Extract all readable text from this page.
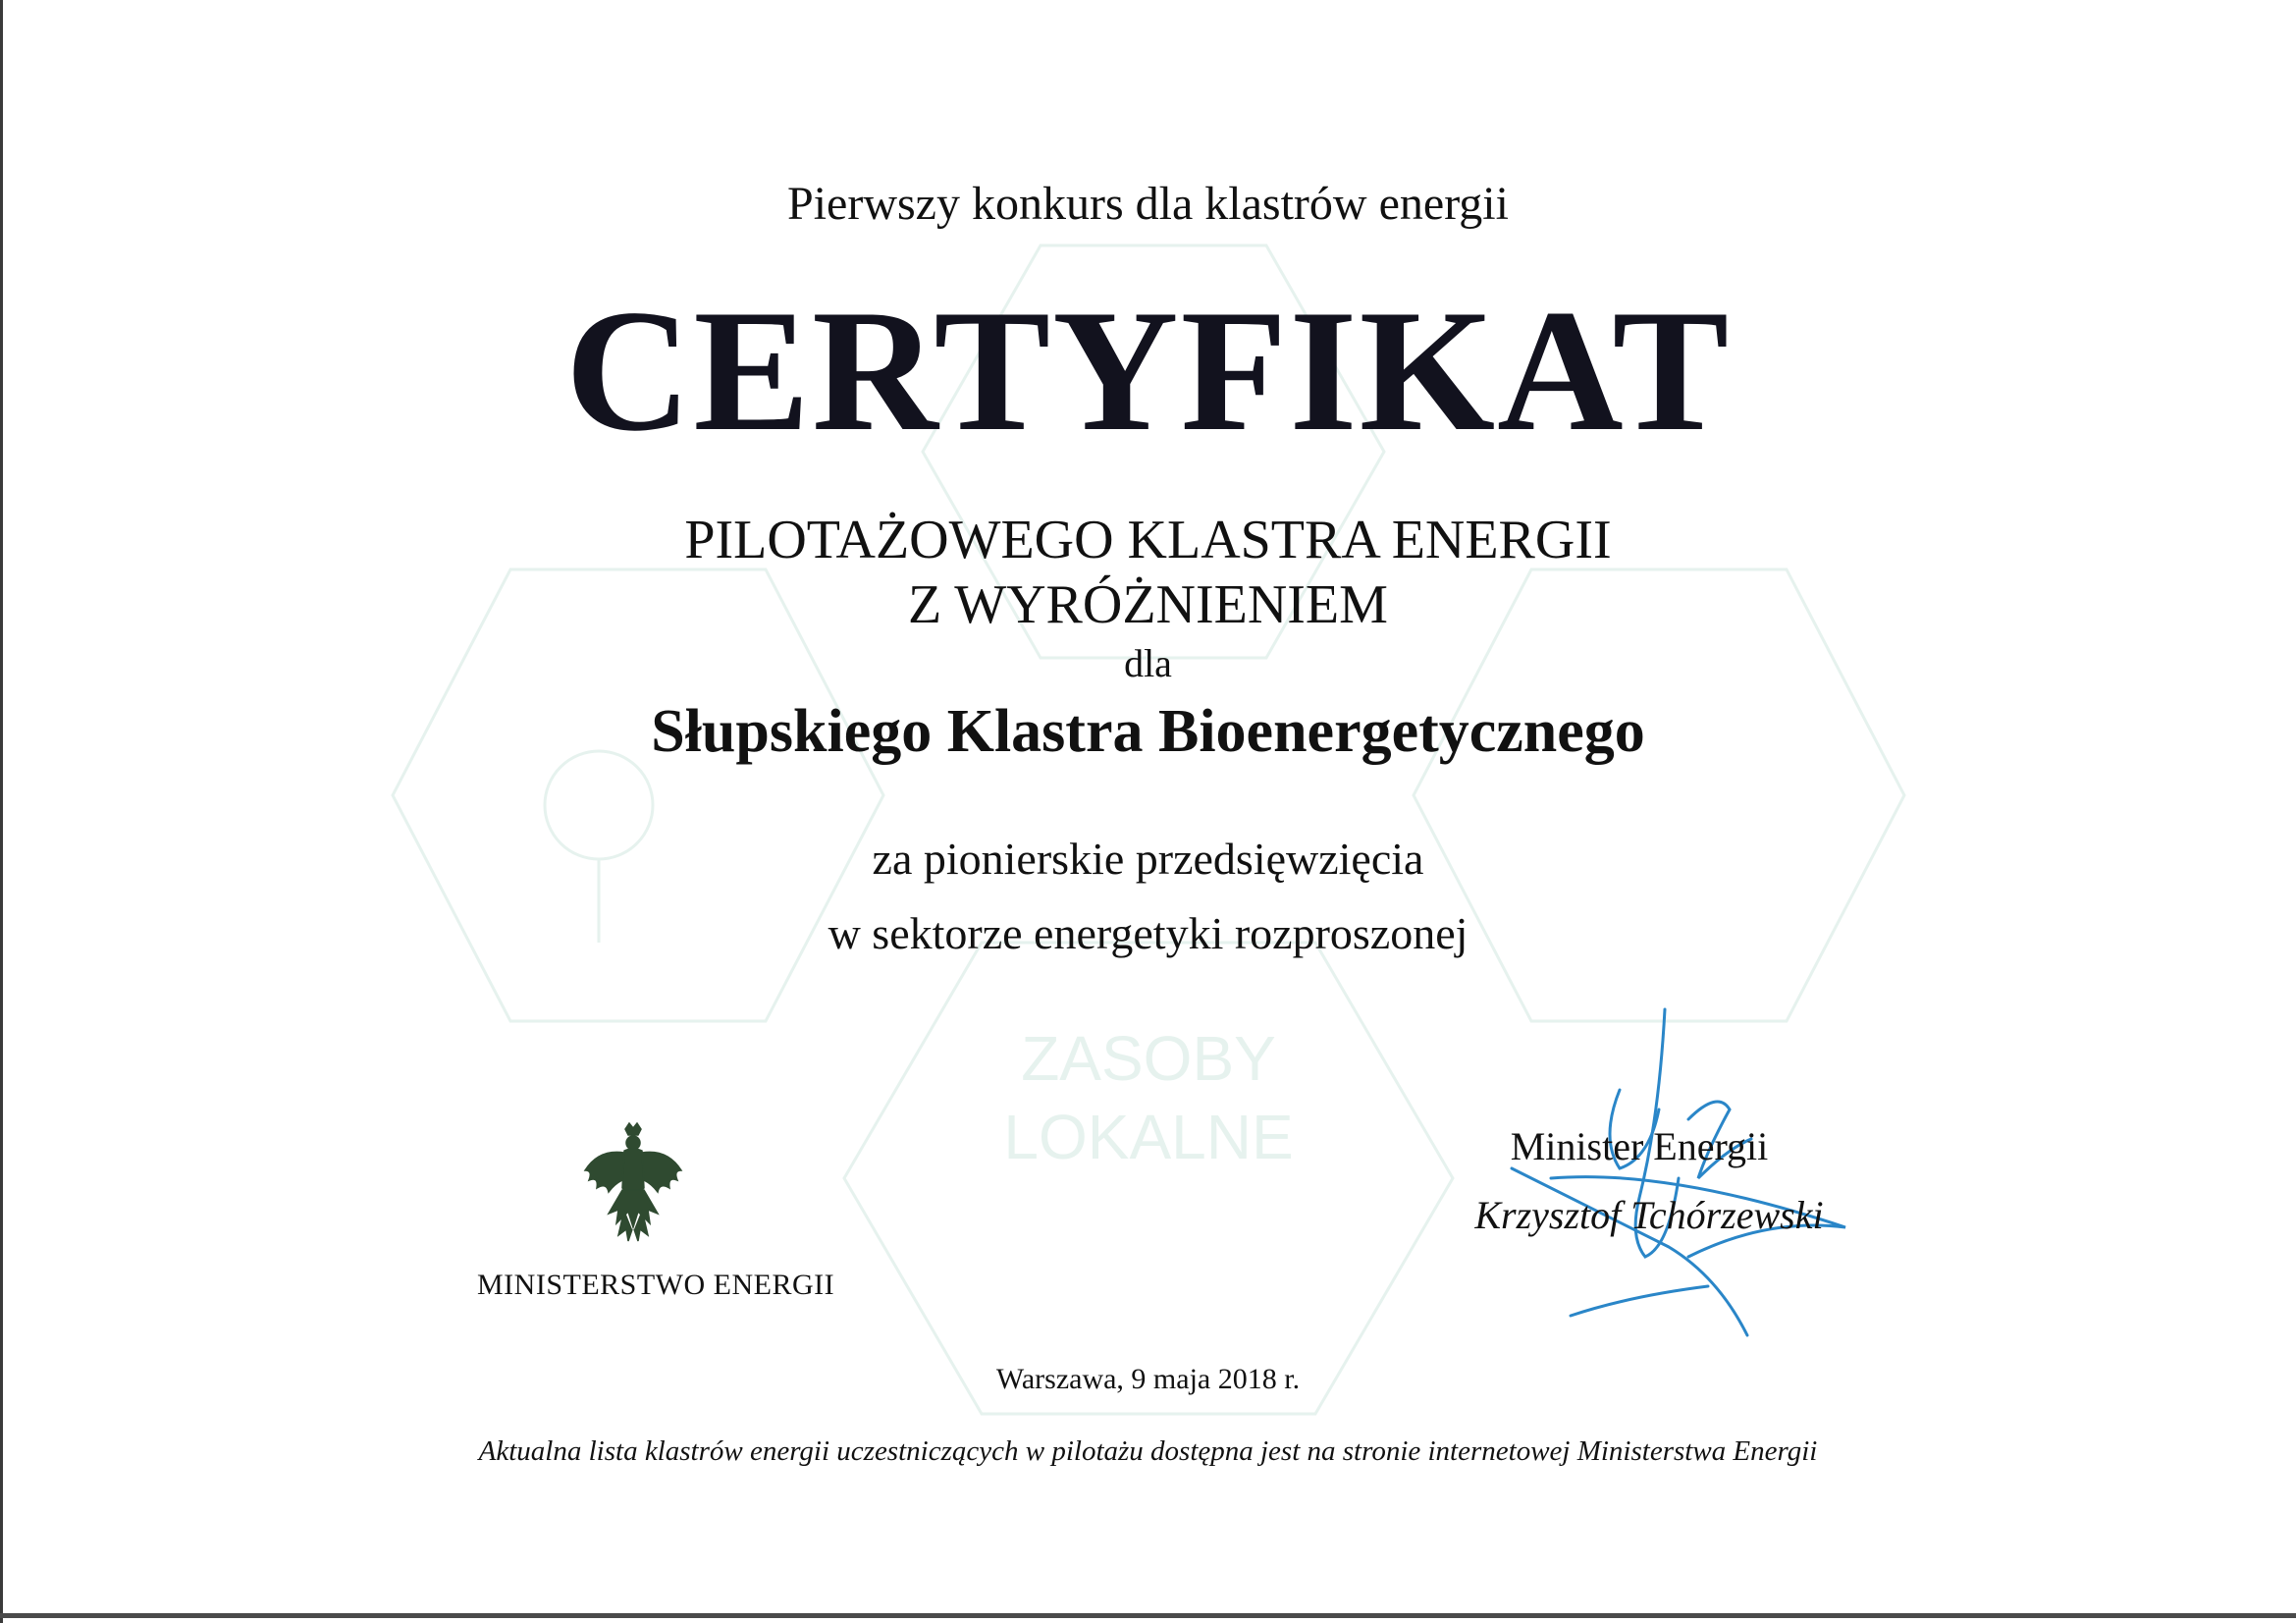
ZASOBY
LOKALNE
Pierwszy konkurs dla klastrów energii
CERTYFIKAT
PILOTAŻOWEGO KLASTRA ENERGII
Z WYRÓŻNIENIEM
dla
Słupskiego Klastra Bioenergetycznego
za pionierskie przedsięwzięcia
w sektorze energetyki rozproszonej
MINISTERSTWO ENERGII
Minister Energii
Krzysztof Tchórzewski
Warszawa, 9 maja 2018 r.
Aktualna lista klastrów energii uczestniczących w pilotażu dostępna jest na stronie internetowej Ministerstwa Energii
